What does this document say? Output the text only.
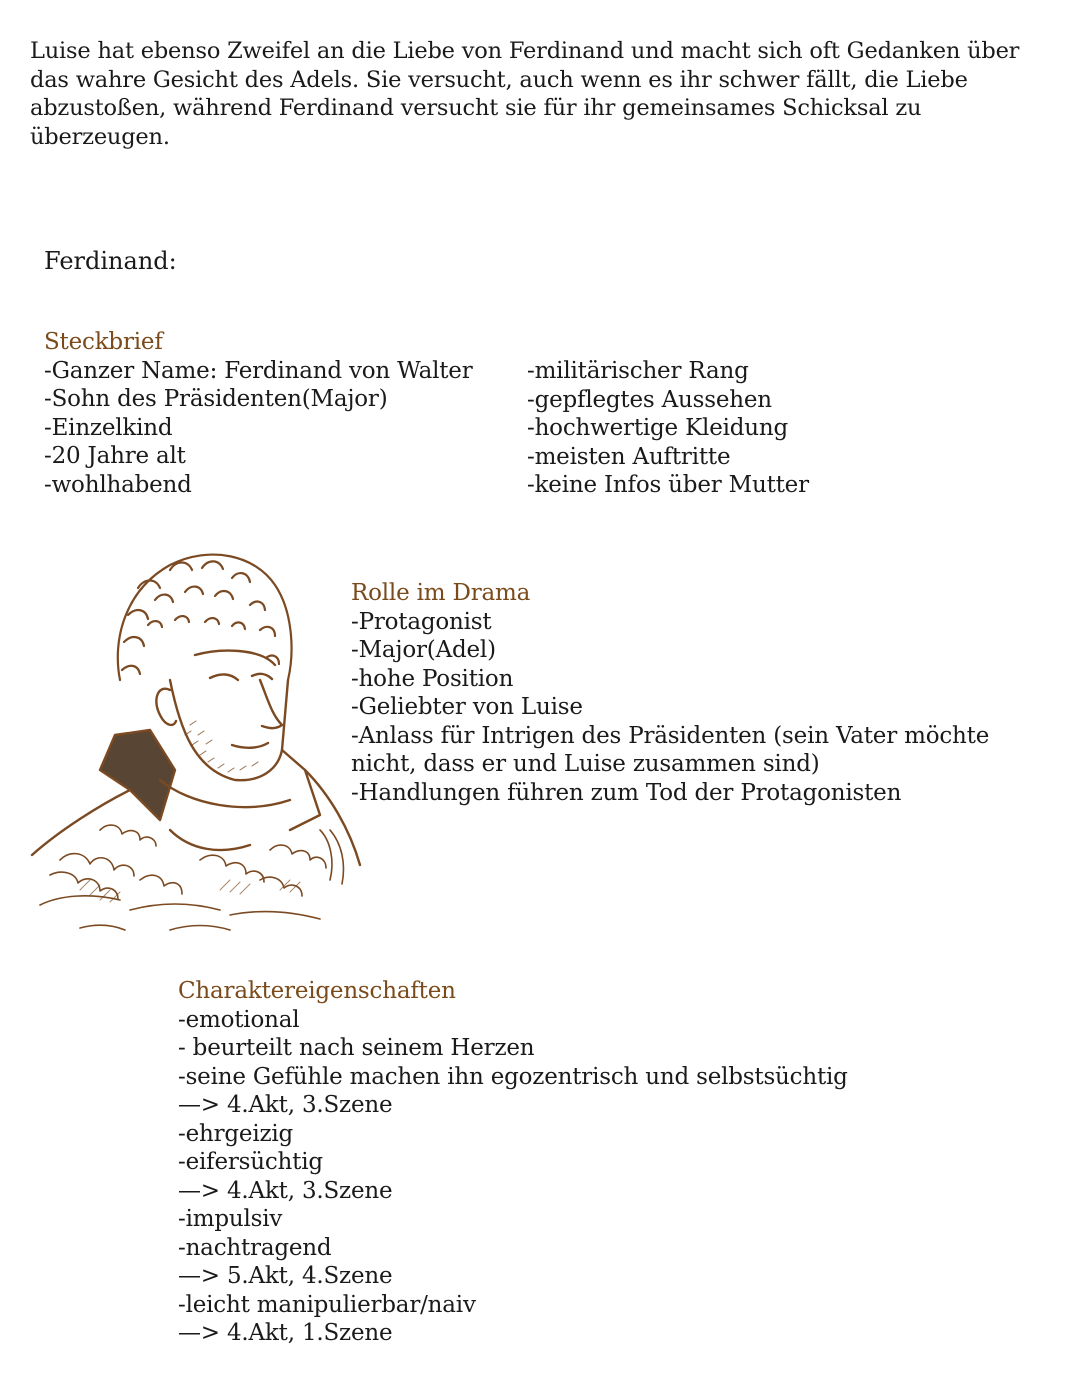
Luise hat ebenso Zweifel an die Liebe von Ferdinand und macht sich oft Gedanken über das wahre Gesicht des Adels. Sie versucht, auch wenn es ihr schwer fällt, die Liebe abzustoßen, während Ferdinand versucht sie für ihr gemeinsames Schicksal zu überzeugen.

Ferdinand:
Steckbrief
-Ganzer Name: Ferdinand von Walter
-Sohn des Präsidenten(Major)
-Einzelkind
-20 Jahre alt
-wohlhabend
-militärischer Rang
-gepflegtes Aussehen
-hochwertige Kleidung
-meisten Auftritte
-keine Infos über Mutter
Rolle im Drama
-Protagonist
-Major(Adel)
-hohe Position
-Geliebter von Luise
-Anlass für Intrigen des Präsidenten (sein Vater möchte nicht, dass er und Luise zusammen sind)
-Handlungen führen zum Tod der Protagonisten
Charaktereigenschaften
-emotional
- beurteilt nach seinem Herzen
-seine Gefühle machen ihn egozentrisch und selbstsüchtig
—> 4.Akt, 3.Szene
-ehrgeizig
-eifersüchtig
—> 4.Akt, 3.Szene
-impulsiv
-nachtragend
—> 5.Akt, 4.Szene
-leicht manipulierbar/naiv
—> 4.Akt, 1.Szene
